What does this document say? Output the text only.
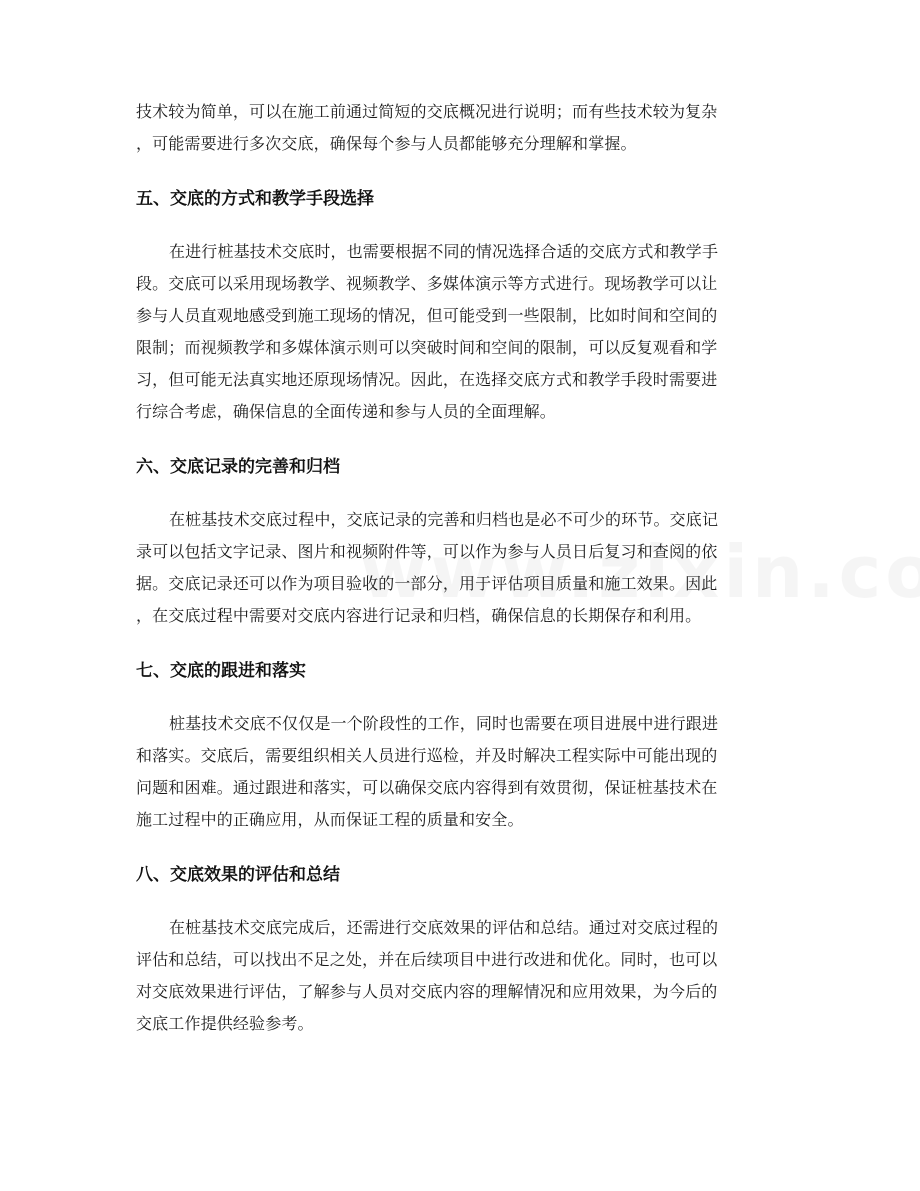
技术较为简单，可以在施工前通过简短的交底概况进行说明；而有些技术较为复杂
，可能需要进行多次交底，确保每个参与人员都能够充分理解和掌握。
五、交底的方式和教学手段选择
在进行桩基技术交底时，也需要根据不同的情况选择合适的交底方式和教学手
段。交底可以采用现场教学、视频教学、多媒体演示等方式进行。现场教学可以让
参与人员直观地感受到施工现场的情况，但可能受到一些限制，比如时间和空间的
限制；而视频教学和多媒体演示则可以突破时间和空间的限制，可以反复观看和学
习，但可能无法真实地还原现场情况。因此，在选择交底方式和教学手段时需要进
行综合考虑，确保信息的全面传递和参与人员的全面理解。
六、交底记录的完善和归档
在桩基技术交底过程中，交底记录的完善和归档也是必不可少的环节。交底记
录可以包括文字记录、图片和视频附件等，可以作为参与人员日后复习和查阅的依
据。交底记录还可以作为项目验收的一部分，用于评估项目质量和施工效果。因此
，在交底过程中需要对交底内容进行记录和归档，确保信息的长期保存和利用。
七、交底的跟进和落实
桩基技术交底不仅仅是一个阶段性的工作，同时也需要在项目进展中进行跟进
和落实。交底后，需要组织相关人员进行巡检，并及时解决工程实际中可能出现的
问题和困难。通过跟进和落实，可以确保交底内容得到有效贯彻，保证桩基技术在
施工过程中的正确应用，从而保证工程的质量和安全。
八、交底效果的评估和总结
在桩基技术交底完成后，还需进行交底效果的评估和总结。通过对交底过程的
评估和总结，可以找出不足之处，并在后续项目中进行改进和优化。同时，也可以
对交底效果进行评估，了解参与人员对交底内容的理解情况和应用效果，为今后的
交底工作提供经验参考。
